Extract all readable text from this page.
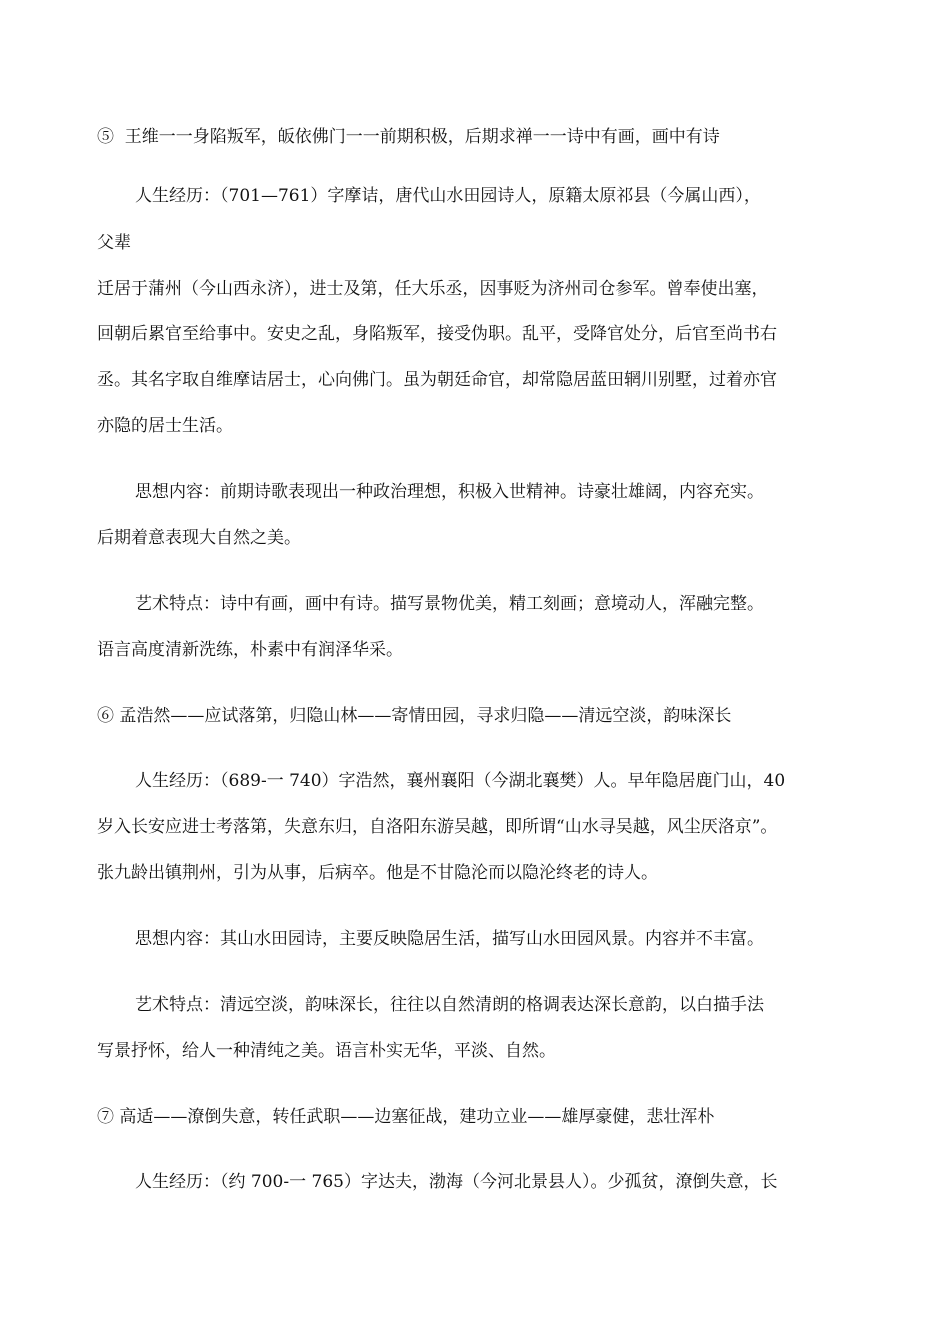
⑤  王维一一身陷叛军，皈依佛门一一前期积极，后期求禅一一诗中有画，画中有诗
人生经历：（701—761）字摩诘，唐代山水田园诗人，原籍太原祁县（今属山西），
父辈
迁居于蒲州（今山西永济），进士及第，任大乐丞，因事贬为济州司仓参军。曾奉使出塞，
回朝后累官至给事中。安史之乱，身陷叛军，接受伪职。乱平，受降官处分，后官至尚书右
丞。其名字取自维摩诘居士，心向佛门。虽为朝廷命官，却常隐居蓝田辋川别墅，过着亦官
亦隐的居士生活。
思想内容：前期诗歌表现出一种政治理想，积极入世精神。诗豪壮雄阔，内容充实。
后期着意表现大自然之美。
艺术特点：诗中有画，画中有诗。描写景物优美，精工刻画；意境动人，浑融完整。
语言高度清新洗练，朴素中有润泽华采。
⑥ 孟浩然——应试落第，归隐山林——寄情田园，寻求归隐——清远空淡，韵味深长
人生经历：（689-一 740）字浩然，襄州襄阳（今湖北襄樊）人。早年隐居鹿门山，40
岁入长安应进士考落第，失意东归，自洛阳东游吴越，即所谓“山水寻吴越，风尘厌洛京”。
张九龄出镇荆州，引为从事，后病卒。他是不甘隐沦而以隐沦终老的诗人。
思想内容：其山水田园诗，主要反映隐居生活，描写山水田园风景。内容并不丰富。
艺术特点：清远空淡，韵味深长，往往以自然清朗的格调表达深长意韵，以白描手法
写景抒怀，给人一种清纯之美。语言朴实无华，平淡、自然。
⑦ 高适——潦倒失意，转任武职——边塞征战，建功立业——雄厚豪健，悲壮浑朴
人生经历：（约 700-一 765）字达夫，渤海（今河北景县人）。少孤贫，潦倒失意，长
